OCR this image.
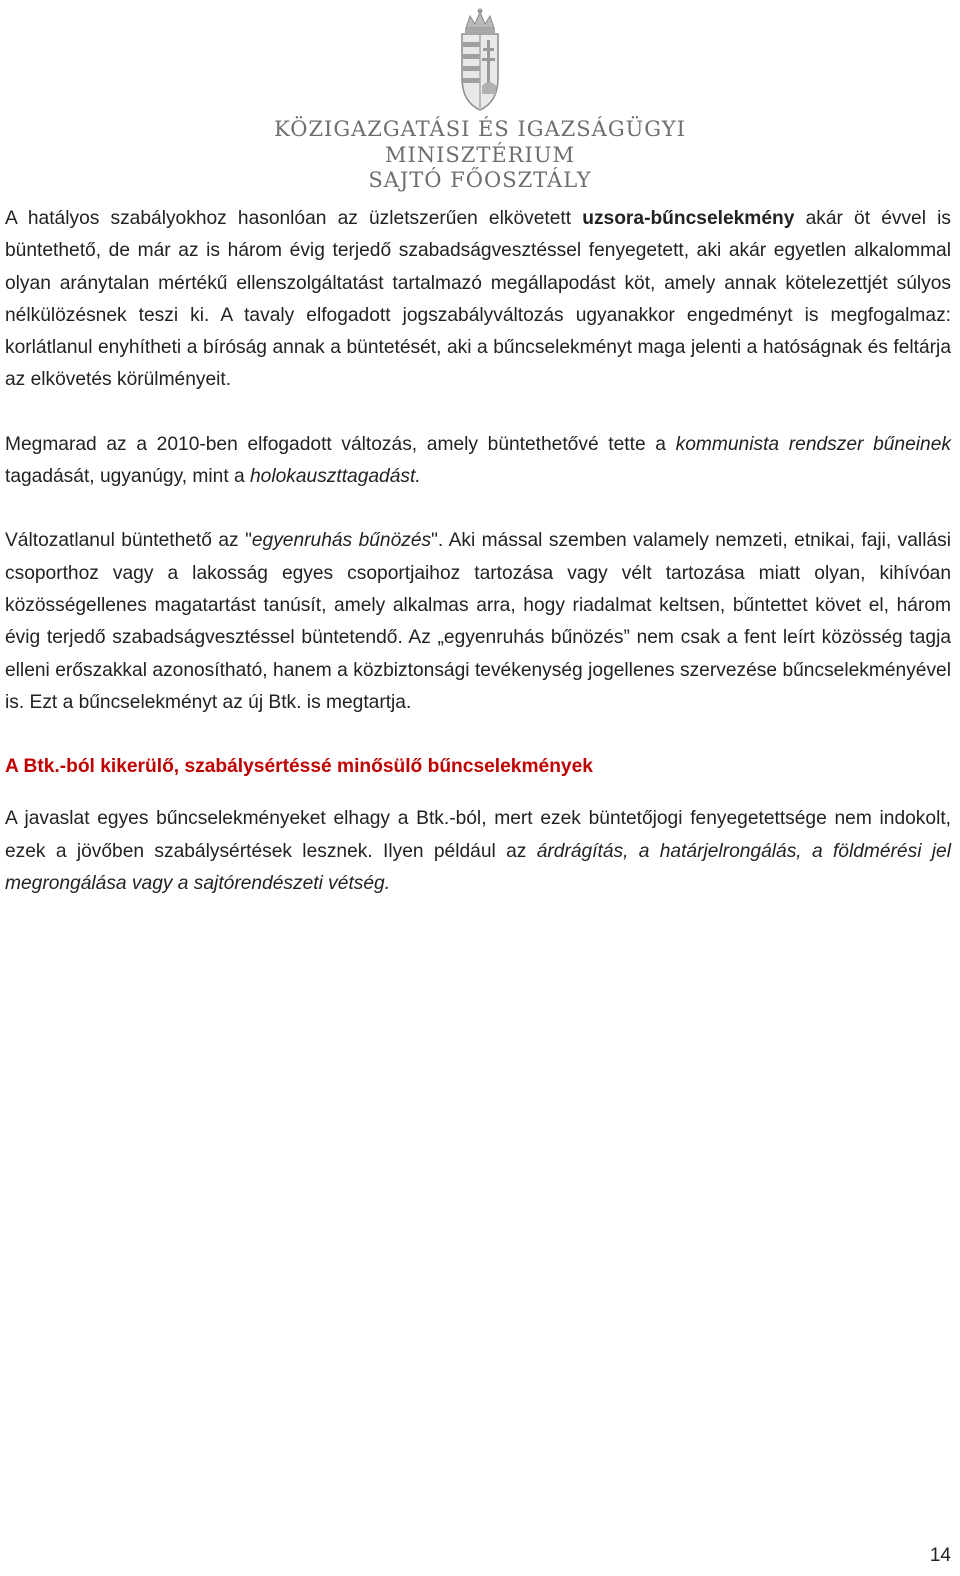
KÖZIGAZGATÁSI ÉS IGAZSÁGÜGYI
MINISZTÉRIUM
SAJTÓ FŐOSZTÁLY

A hatályos szabályokhoz hasonlóan az üzletszerűen elkövetett uzsora-bűncselekmény akár öt évvel is büntethető, de már az is három évig terjedő szabadságvesztéssel fenyegetett, aki akár egyetlen alkalommal olyan aránytalan mértékű ellenszolgáltatást tartalmazó megállapodást köt, amely annak kötelezettjét súlyos nélkülözésnek teszi ki. A tavaly elfogadott jogszabályváltozás ugyanakkor engedményt is megfogalmaz: korlátlanul enyhítheti a bíróság annak a büntetését, aki a bűncselekményt maga jelenti a hatóságnak és feltárja az elkövetés körülményeit.

Megmarad az a 2010-ben elfogadott változás, amely büntethetővé tette a kommunista rendszer bűneinek tagadását, ugyanúgy, mint a holokauszttagadást.

Változatlanul büntethető az "egyenruhás bűnözés". Aki mással szemben valamely nemzeti, etnikai, faji, vallási csoporthoz vagy a lakosság egyes csoportjaihoz tartozása vagy vélt tartozása miatt olyan, kihívóan közösségellenes magatartást tanúsít, amely alkalmas arra, hogy riadalmat keltsen, bűntettet követ el, három évig terjedő szabadságvesztéssel büntetendő. Az „egyenruhás bűnözés” nem csak a fent leírt közösség tagja elleni erőszakkal azonosítható, hanem a közbiztonsági tevékenység jogellenes szervezése bűncselekményével is. Ezt a bűncselekményt az új Btk. is megtartja.

A Btk.-ból kikerülő, szabálysértéssé minősülő bűncselekmények

A javaslat egyes bűncselekményeket elhagy a Btk.-ból, mert ezek büntetőjogi fenyegetettsége nem indokolt, ezek a jövőben szabálysértések lesznek. Ilyen például az árdrágítás, a határjelrongálás, a földmérési jel megrongálása vagy a sajtórendészeti vétség.

14
